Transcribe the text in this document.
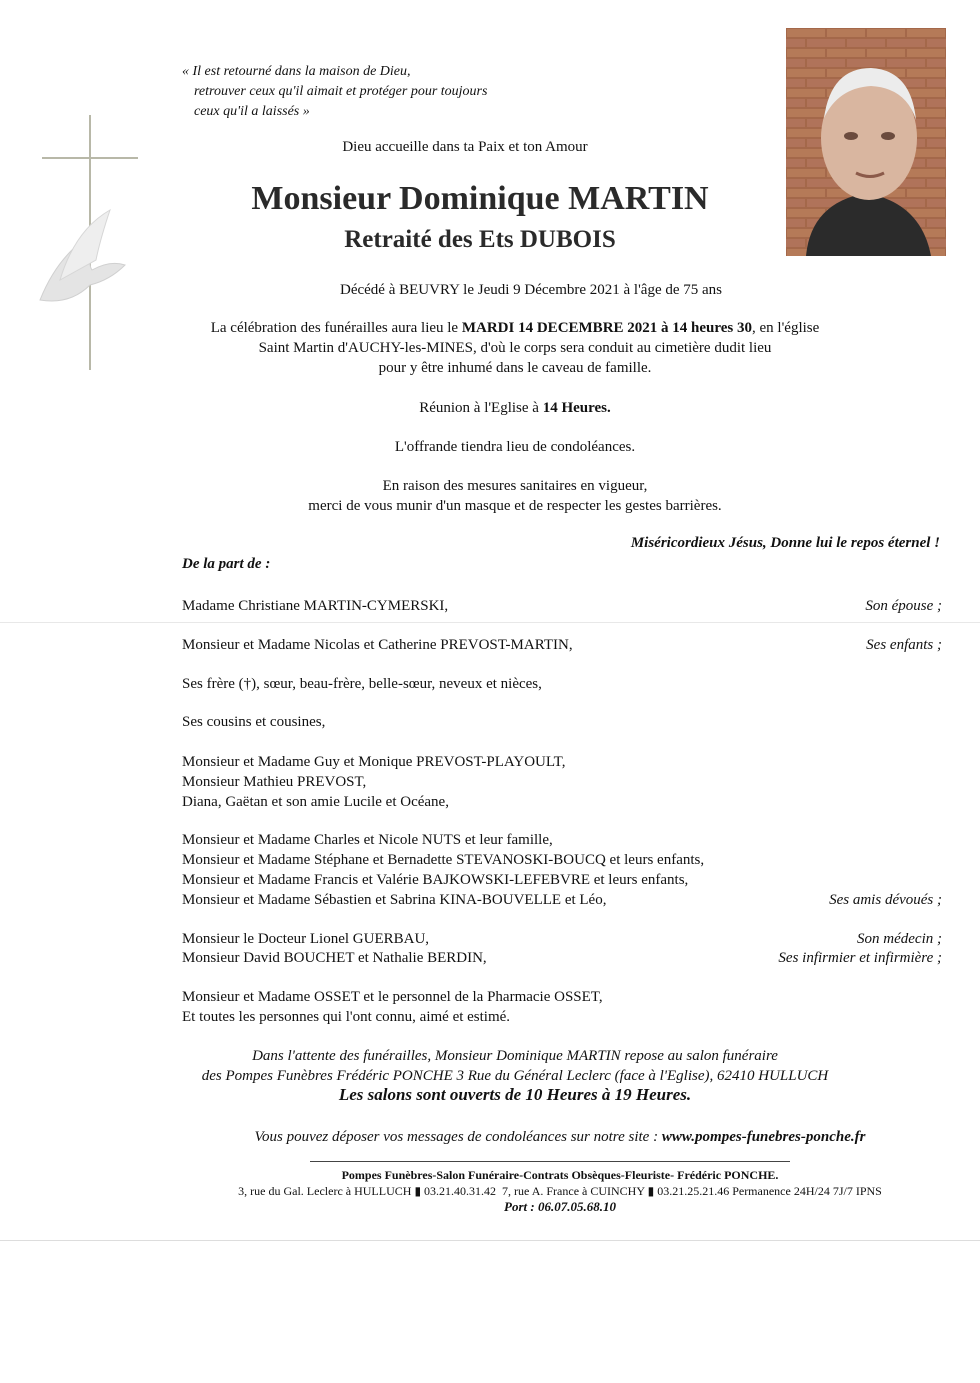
« Il est retourné dans la maison de Dieu,
retrouver ceux qu'il aimait et protéger pour toujours
ceux qu'il a laissés »
Dieu accueille dans ta Paix et ton Amour
Monsieur Dominique MARTIN
Retraité des Ets DUBOIS
Décédé à BEUVRY le Jeudi 9 Décembre 2021 à l'âge de 75 ans
La célébration des funérailles aura lieu le MARDI 14 DECEMBRE 2021 à 14 heures 30, en l'église
Saint Martin d'AUCHY-les-MINES, d'où le corps sera conduit au cimetière dudit lieu
pour y être inhumé dans le caveau de famille.
Réunion à l'Eglise à 14 Heures.
L'offrande tiendra lieu de condoléances.
En raison des mesures sanitaires en vigueur,
merci de vous munir d'un masque et de respecter les gestes barrières.
Miséricordieux Jésus, Donne lui le repos éternel !
De la part de :
Madame Christiane MARTIN-CYMERSKI,	Son épouse ;
Monsieur et Madame Nicolas et Catherine PREVOST-MARTIN,	Ses enfants ;
Ses frère (†), sœur, beau-frère, belle-sœur, neveux et nièces,
Ses cousins et cousines,
Monsieur et Madame Guy et Monique PREVOST-PLAYOULT,
Monsieur Mathieu PREVOST,
Diana, Gaëtan et son amie Lucile et Océane,
Monsieur et Madame Charles et Nicole NUTS et leur famille,
Monsieur et Madame Stéphane et Bernadette STEVANOSKI-BOUCQ et leurs enfants,
Monsieur et Madame Francis et Valérie BAJKOWSKI-LEFEBVRE et leurs enfants,
Monsieur et Madame Sébastien et Sabrina KINA-BOUVELLE et Léo,	Ses amis dévoués ;
Monsieur le Docteur Lionel GUERBAU,	Son médecin ;
Monsieur David BOUCHET et Nathalie BERDIN,	Ses infirmier et infirmière ;
Monsieur et Madame OSSET et le personnel de la Pharmacie OSSET,
Et toutes les personnes qui l'ont connu, aimé et estimé.
Dans l'attente des funérailles, Monsieur Dominique MARTIN repose au salon funéraire
des Pompes Funèbres Frédéric PONCHE 3 Rue du Général Leclerc (face à l'Eglise), 62410 HULLUCH
Les salons sont ouverts de 10 Heures à 19 Heures.
Vous pouvez déposer vos messages de condoléances sur notre site : www.pompes-funebres-ponche.fr
Pompes Funèbres-Salon Funéraire-Contrats Obsèques-Fleuriste- Frédéric PONCHE.
3, rue du Gal. Leclerc à HULLUCH ▮ 03.21.40.31.42 7, rue A. France à CUINCHY ▮ 03.21.25.21.46 Permanence 24H/24 7J/7 IPNS
Port : 06.07.05.68.10
